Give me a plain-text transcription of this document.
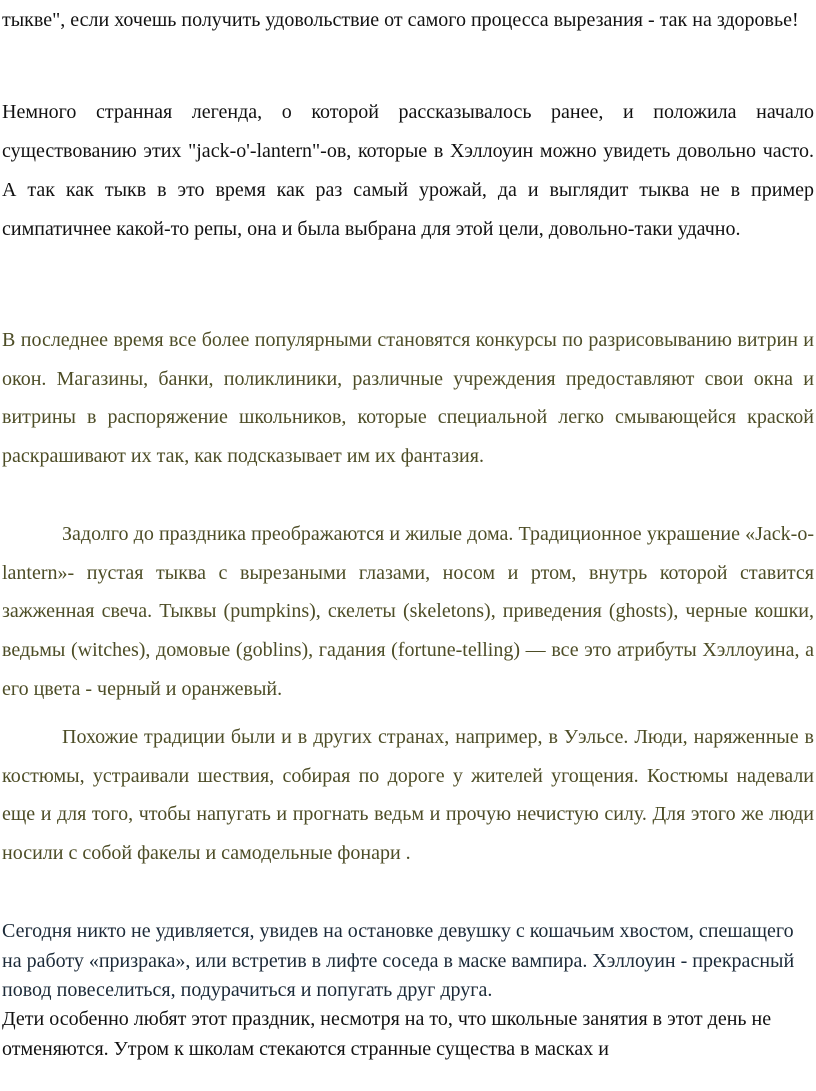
тыкве", если хочешь получить удовольствие от самого процесса вырезания - так на здоровье!

Немного странная легенда, о которой рассказывалось ранее, и положила начало существованию этих "jack-o'-lantern"-ов, которые в Хэллоуин можно увидеть довольно часто. А так как тыкв в это время как раз самый урожай, да и выглядит тыква не в пример симпатичнее какой-то репы, она и была выбрана для этой цели, довольно-таки удачно.

В последнее время все более популярными становятся конкурсы по разрисовыванию витрин и окон. Магазины, банки, поликлиники, различные учреждения предоставляют свои окна и витрины в распоряжение школьников, которые специальной легко смывающейся краской раскрашивают их так, как подсказывает им их фантазия.

Задолго до праздника преображаются и жилые дома. Традиционное украшение «Jack-o-lantern»- пустая тыква с вырезаными глазами, носом и ртом, внутрь которой ставится зажженная свеча. Тыквы (pumpkins), скелеты (skeletons), приведения (ghosts), черные кошки, ведьмы (witches), домовые (goblins), гадания (fortune-telling) — все это атрибуты Хэллоуина, а его цвета - черный и оранжевый.

Похожие традиции были и в других странах, например, в Уэльсе. Люди, наряженные в костюмы, устраивали шествия, собирая по дороге у жителей угощения. Костюмы надевали еще и для того, чтобы напугать и прогнать ведьм и прочую нечистую силу. Для этого же люди носили с собой факелы и самодельные фонари .

Сегодня никто не удивляется, увидев на остановке девушку с кошачьим хвостом, спешащего на работу «призрака», или встретив в лифте соседа в маске вампира. Хэллоуин - прекрасный повод повеселиться, подурачиться и попугать друг друга.

Дети особенно любят этот праздник, несмотря на то, что школьные занятия в этот день не отменяются. Утром к школам стекаются странные существа в масках и
